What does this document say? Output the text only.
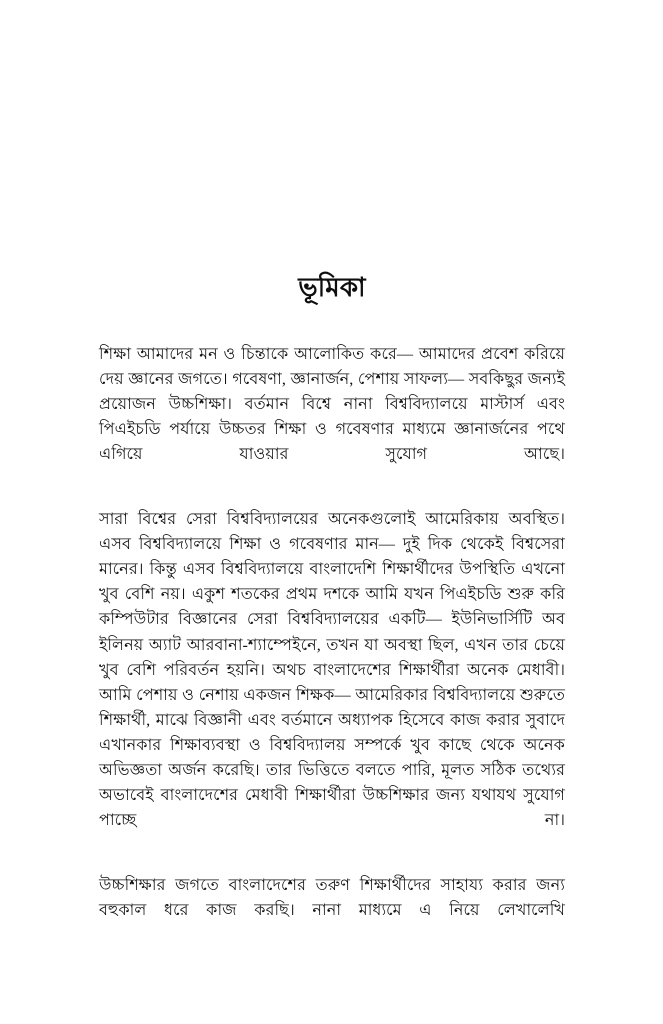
ভূমিকা

শিক্ষা আমাদের মন ও চিন্তাকে আলোকিত করে— আমাদের প্রবেশ করিয়ে দেয় জ্ঞানের জগতে। গবেষণা, জ্ঞানার্জন, পেশায় সাফল্য— সবকিছুর জন্যই প্রয়োজন উচ্চশিক্ষা। বর্তমান বিশ্বে নানা বিশ্ববিদ্যালয়ে মাস্টার্স এবং পিএইচডি পর্যায়ে উচ্চতর শিক্ষা ও গবেষণার মাধ্যমে জ্ঞানার্জনের পথে এগিয়ে যাওয়ার সুযোগ আছে।

সারা বিশ্বের সেরা বিশ্ববিদ্যালয়ের অনেকগুলোই আমেরিকায় অবস্থিত। এসব বিশ্ববিদ্যালয়ে শিক্ষা ও গবেষণার মান— দুই দিক থেকেই বিশ্বসেরা মানের। কিন্তু এসব বিশ্ববিদ্যালয়ে বাংলাদেশি শিক্ষার্থীদের উপস্থিতি এখনো খুব বেশি নয়। একুশ শতকের প্রথম দশকে আমি যখন পিএইচডি শুরু করি কম্পিউটার বিজ্ঞানের সেরা বিশ্ববিদ্যালয়ের একটি— ইউনিভার্সিটি অব ইলিনয় অ্যাট আরবানা-শ্যাম্পেইনে, তখন যা অবস্থা ছিল, এখন তার চেয়ে খুব বেশি পরিবর্তন হয়নি। অথচ বাংলাদেশের শিক্ষার্থীরা অনেক মেধাবী। আমি পেশায় ও নেশায় একজন শিক্ষক— আমেরিকার বিশ্ববিদ্যালয়ে শুরুতে শিক্ষার্থী, মাঝে বিজ্ঞানী এবং বর্তমানে অধ্যাপক হিসেবে কাজ করার সুবাদে এখানকার শিক্ষাব্যবস্থা ও বিশ্ববিদ্যালয় সম্পর্কে খুব কাছে থেকে অনেক অভিজ্ঞতা অর্জন করেছি। তার ভিত্তিতে বলতে পারি, মূলত সঠিক তথ্যের অভাবেই বাংলাদেশের মেধাবী শিক্ষার্থীরা উচ্চশিক্ষার জন্য যথাযথ সুযোগ পাচ্ছে না।

উচ্চশিক্ষার জগতে বাংলাদেশের তরুণ শিক্ষার্থীদের সাহায্য করার জন্য বহুকাল ধরে কাজ করছি। নানা মাধ্যমে এ নিয়ে লেখালেখি
